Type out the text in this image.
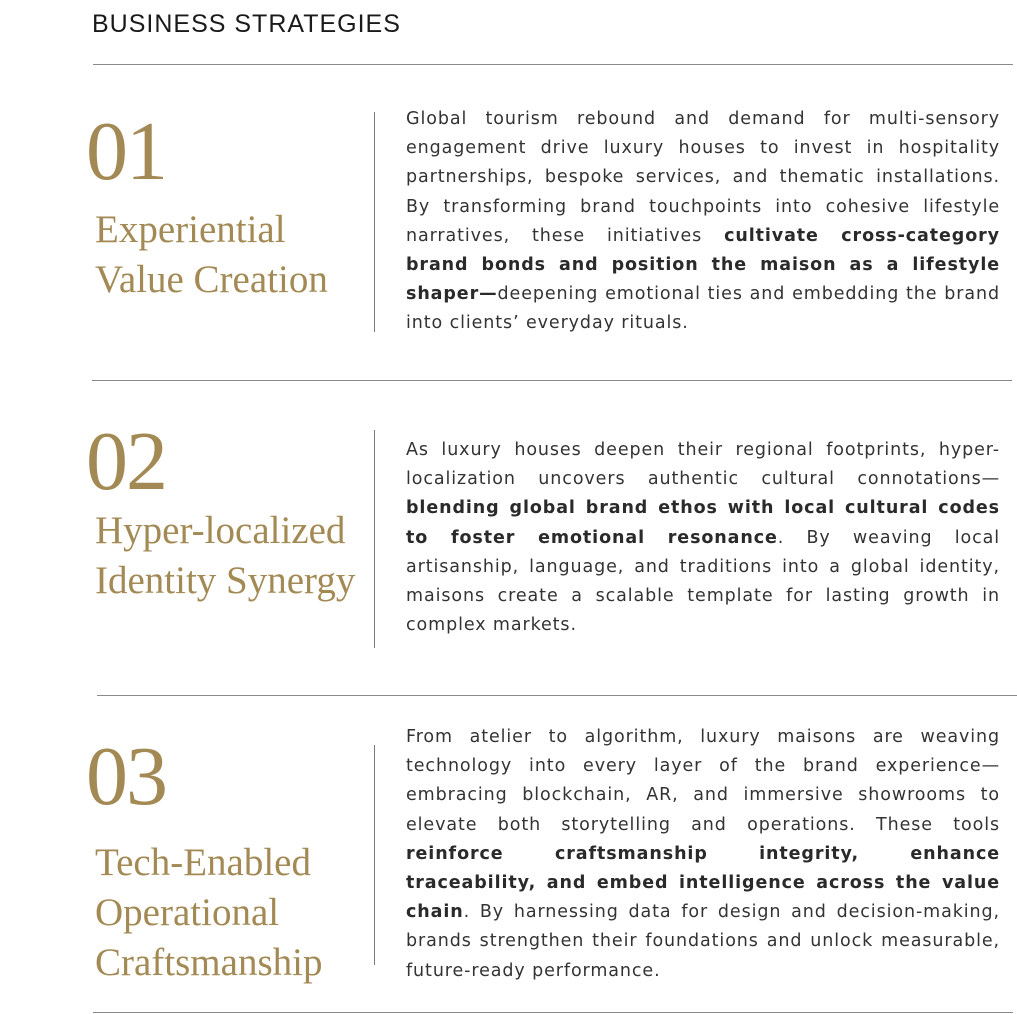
BUSINESS STRATEGIES
01
Experiential Value Creation
Global tourism rebound and demand for multi-sensory engagement drive luxury houses to invest in hospitality partnerships, bespoke services, and thematic installations. By transforming brand touchpoints into cohesive lifestyle narratives, these initiatives cultivate cross-category brand bonds and position the maison as a lifestyle shaper—deepening emotional ties and embedding the brand into clients’ everyday rituals.
02
Hyper-localized Identity Synergy
As luxury houses deepen their regional footprints, hyper-localization uncovers authentic cultural connotations—blending global brand ethos with local cultural codes to foster emotional resonance. By weaving local artisanship, language, and traditions into a global identity, maisons create a scalable template for lasting growth in complex markets.
03
Tech-Enabled Operational Craftsmanship
From atelier to algorithm, luxury maisons are weaving technology into every layer of the brand experience—embracing blockchain, AR, and immersive showrooms to elevate both storytelling and operations. These tools reinforce craftsmanship integrity, enhance traceability, and embed intelligence across the value chain. By harnessing data for design and decision-making, brands strengthen their foundations and unlock measurable, future-ready performance.
